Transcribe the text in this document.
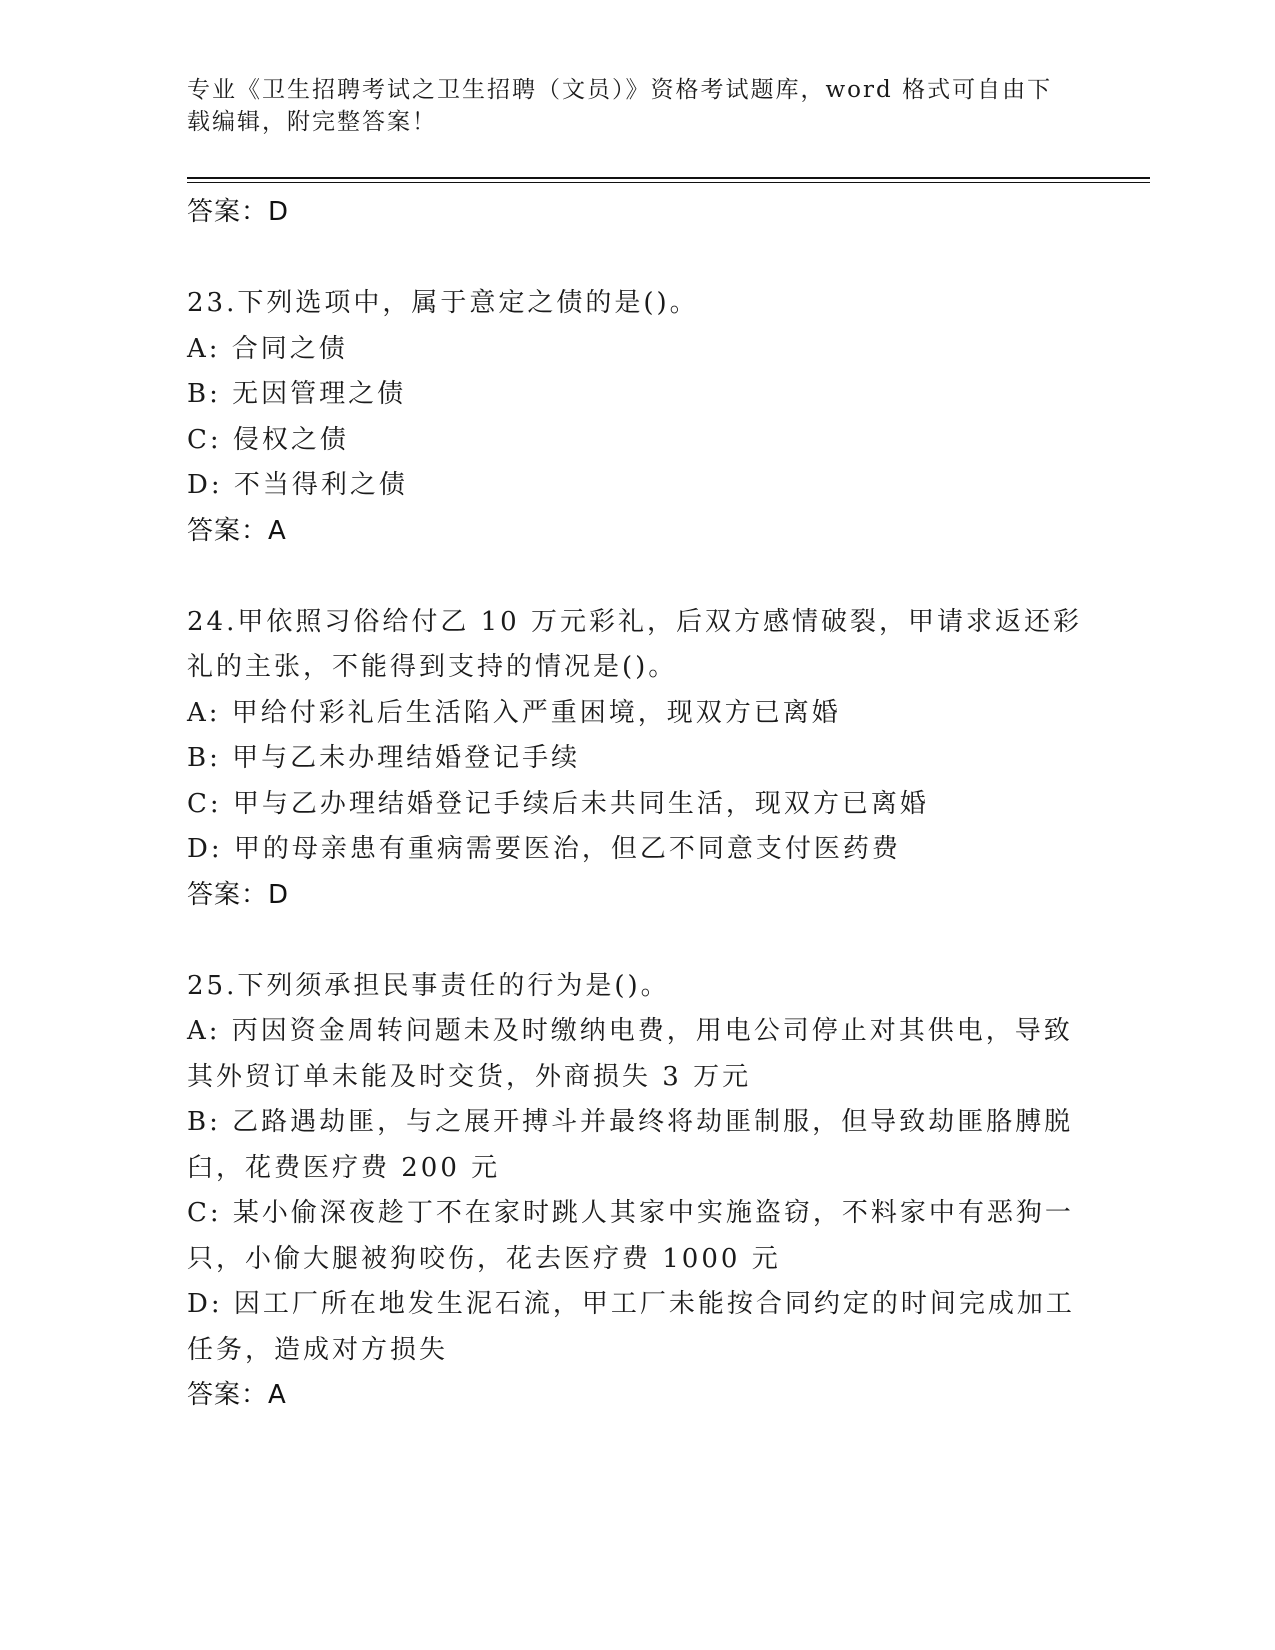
专业《卫生招聘考试之卫生招聘（文员）》资格考试题库，word 格式可自由下载编辑，附完整答案！
答案：D
23.下列选项中，属于意定之债的是()。
A: 合同之债
B: 无因管理之债
C: 侵权之债
D: 不当得利之债
答案：A
24.甲依照习俗给付乙 10 万元彩礼，后双方感情破裂，甲请求返还彩
礼的主张，不能得到支持的情况是()。
A: 甲给付彩礼后生活陷入严重困境，现双方已离婚
B: 甲与乙未办理结婚登记手续
C: 甲与乙办理结婚登记手续后未共同生活，现双方已离婚
D: 甲的母亲患有重病需要医治，但乙不同意支付医药费
答案：D
25.下列须承担民事责任的行为是()。
A: 丙因资金周转问题未及时缴纳电费，用电公司停止对其供电，导致
其外贸订单未能及时交货，外商损失 3 万元
B: 乙路遇劫匪，与之展开搏斗并最终将劫匪制服，但导致劫匪胳膊脱
臼，花费医疗费 200 元
C: 某小偷深夜趁丁不在家时跳人其家中实施盗窃，不料家中有恶狗一
只，小偷大腿被狗咬伤，花去医疗费 1000 元
D: 因工厂所在地发生泥石流，甲工厂未能按合同约定的时间完成加工
任务，造成对方损失
答案：A
